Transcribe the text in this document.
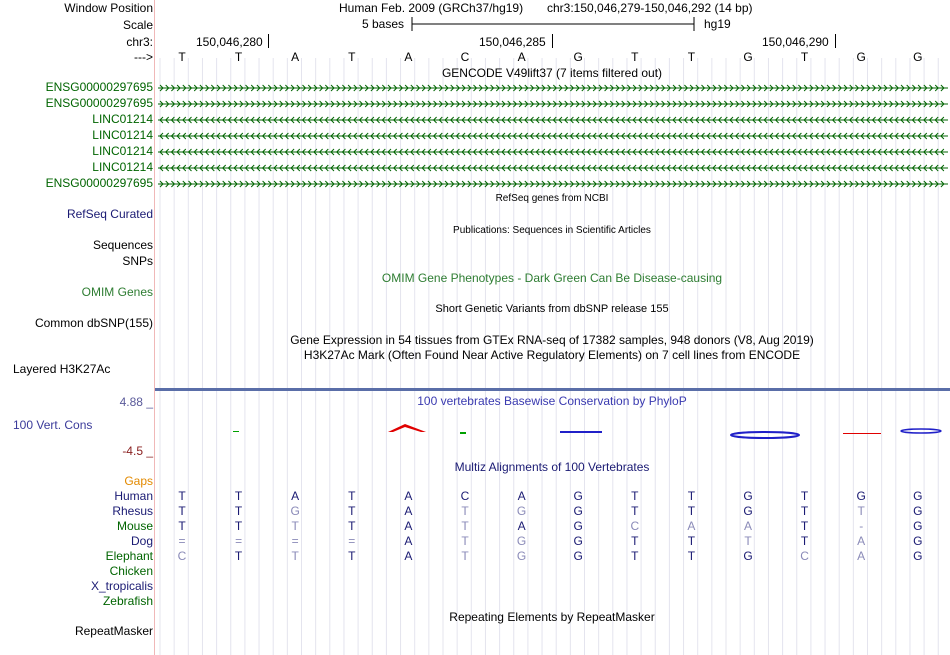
Window Position	Human Feb. 2009 (GRCh37/hg19) chr3:150,046,279-150,046,292 (14 bp)
Scale	5 bases	hg19
chr3:	150,046,280	150,046,285	150,046,290
--->	T	T	A	T	A	C	A	G	T	T	G	T	G	G
GENCODE V49lift37 (7 items filtered out)
ENSG00000297695
ENSG00000297695
LINC01214
LINC01214
LINC01214
LINC01214
ENSG00000297695
RefSeq genes from NCBI
RefSeq Curated
Sequences
Publications: Sequences in Scientific Articles
SNPs
OMIM Gene Phenotypes - Dark Green Can Be Disease-causing
OMIM Genes
Short Genetic Variants from dbSNP release 155
Common dbSNP(155)
Gene Expression in 54 tissues from GTEx RNA-seq of 17382 samples, 948 donors (V8, Aug 2019)
H3K27Ac Mark (Often Found Near Active Regulatory Elements) on 7 cell lines from ENCODE
Layered H3K27Ac
4.88 _	100 vertebrates Basewise Conservation by PhyloP
100 Vert. Cons
-4.5 _
Multiz Alignments of 100 Vertebrates
Gaps
Human	T	T	A	T	A	C	A	G	T	T	G	T	G	G
Rhesus	T	T	G	T	A	T	G	G	T	T	G	T	T	G
Mouse	T	T	T	T	A	T	A	G	C	A	A	T	-	G
Dog	=	=	=	=	A	T	G	G	T	T	T	T	A	G
Elephant	C	T	T	T	A	T	G	G	T	T	G	C	A	G
Chicken
X_tropicalis
Zebrafish
Repeating Elements by RepeatMasker
RepeatMasker
